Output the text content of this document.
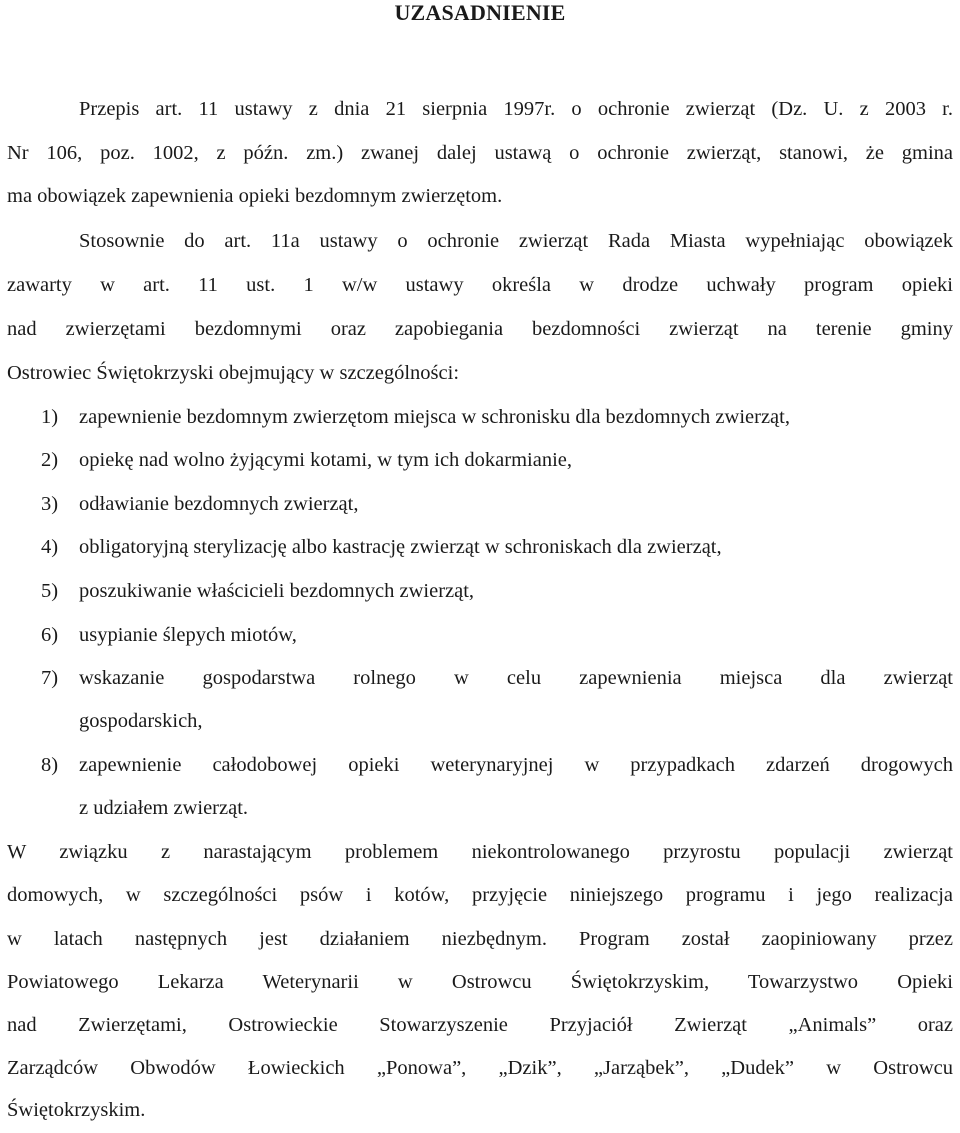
UZASADNIENIE

Przepis art. 11 ustawy z dnia 21 sierpnia 1997r. o ochronie zwierząt (Dz. U. z 2003 r.

Nr 106, poz. 1002, z późn. zm.) zwanej dalej ustawą o ochronie zwierząt, stanowi, że gmina

ma obowiązek zapewnienia opieki bezdomnym zwierzętom.

Stosownie do art. 11a ustawy o ochronie zwierząt Rada Miasta wypełniając obowiązek

zawarty w art. 11 ust. 1 w/w ustawy określa w drodze uchwały program opieki

nad zwierzętami bezdomnymi oraz zapobiegania bezdomności zwierząt na terenie gminy

Ostrowiec Świętokrzyski obejmujący w szczególności:

1) zapewnienie bezdomnym zwierzętom miejsca w schronisku dla bezdomnych zwierząt,
2) opiekę nad wolno żyjącymi kotami, w tym ich dokarmianie,
3) odławianie bezdomnych zwierząt,
4) obligatoryjną sterylizację albo kastrację zwierząt w schroniskach dla zwierząt,
5) poszukiwanie właścicieli bezdomnych zwierząt,
6) usypianie ślepych miotów,
7) wskazanie gospodarstwa rolnego w celu zapewnienia miejsca dla zwierząt
gospodarskich,
8) zapewnienie całodobowej opieki weterynaryjnej w przypadkach zdarzeń drogowych
z udziałem zwierząt.

W związku z narastającym problemem niekontrolowanego przyrostu populacji zwierząt

domowych, w szczególności psów i kotów, przyjęcie niniejszego programu i jego realizacja

w latach następnych jest działaniem niezbędnym. Program został zaopiniowany przez

Powiatowego Lekarza Weterynarii w Ostrowcu Świętokrzyskim, Towarzystwo Opieki

nad Zwierzętami, Ostrowieckie Stowarzyszenie Przyjaciół Zwierząt „Animals” oraz

Zarządców Obwodów Łowieckich „Ponowa”, „Dzik”, „Jarząbek”, „Dudek” w Ostrowcu

Świętokrzyskim.
